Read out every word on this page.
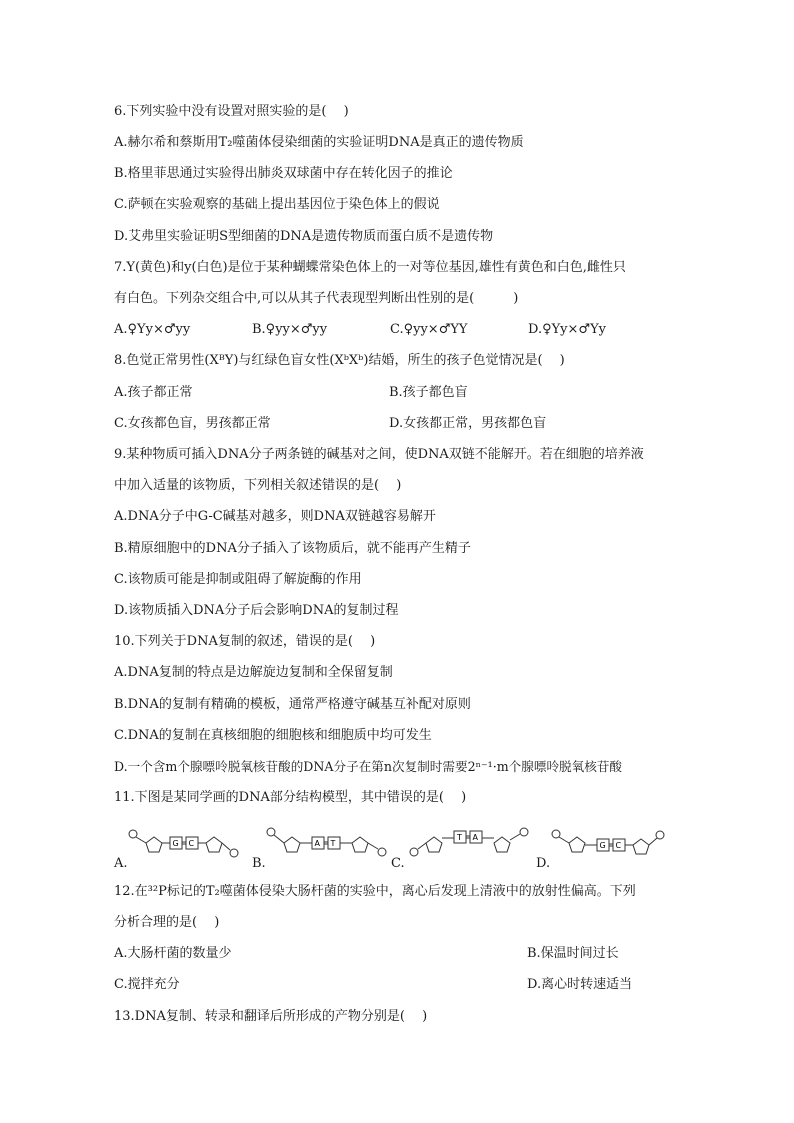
6.下列实验中没有设置对照实验的是(　 )
A.赫尔希和蔡斯用T₂噬菌体侵染细菌的实验证明DNA是真正的遗传物质
B.格里菲思通过实验得出肺炎双球菌中存在转化因子的推论
C.萨顿在实验观察的基础上提出基因位于染色体上的假说
D.艾弗里实验证明S型细菌的DNA是遗传物质而蛋白质不是遗传物
7.Y(黄色)和y(白色)是位于某种蝴蝶常染色体上的一对等位基因,雄性有黄色和白色,雌性只
有白色。下列杂交组合中,可以从其子代表现型判断出性别的是(　　　)
A.♀Yy×♂yy	B.♀yy×♂yy	C.♀yy×♂YY	D.♀Yy×♂Yy
8.色觉正常男性(XᴮY)与红绿色盲女性(XᵇXᵇ)结婚，所生的孩子色觉情况是(　 )
A.孩子都正常	B.孩子都色盲
C.女孩都色盲，男孩都正常	D.女孩都正常，男孩都色盲
9.某种物质可插入DNA分子两条链的碱基对之间，使DNA双链不能解开。若在细胞的培养液
中加入适量的该物质，下列相关叙述错误的是(　 )
A.DNA分子中G-C碱基对越多，则DNA双链越容易解开
B.精原细胞中的DNA分子插入了该物质后，就不能再产生精子
C.该物质可能是抑制或阻碍了解旋酶的作用
D.该物质插入DNA分子后会影响DNA的复制过程
10.下列关于DNA复制的叙述，错误的是(　 )
A.DNA复制的特点是边解旋边复制和全保留复制
B.DNA的复制有精确的模板，通常严格遵守碱基互补配对原则
C.DNA的复制在真核细胞的细胞核和细胞质中均可发生
D.一个含m个腺嘌呤脱氧核苷酸的DNA分子在第n次复制时需要2ⁿ⁻¹·m个腺嘌呤脱氧核苷酸
11.下图是某同学画的DNA部分结构模型，其中错误的是(　 )
A.	B.	C.	D.
G C	A T
T A
G C
12.在³²P标记的T₂噬菌体侵染大肠杆菌的实验中，离心后发现上清液中的放射性偏高。下列
分析合理的是(　 )
A.大肠杆菌的数量少	B.保温时间过长
C.搅拌充分	D.离心时转速适当
13.DNA复制、转录和翻译后所形成的产物分别是(　 )
